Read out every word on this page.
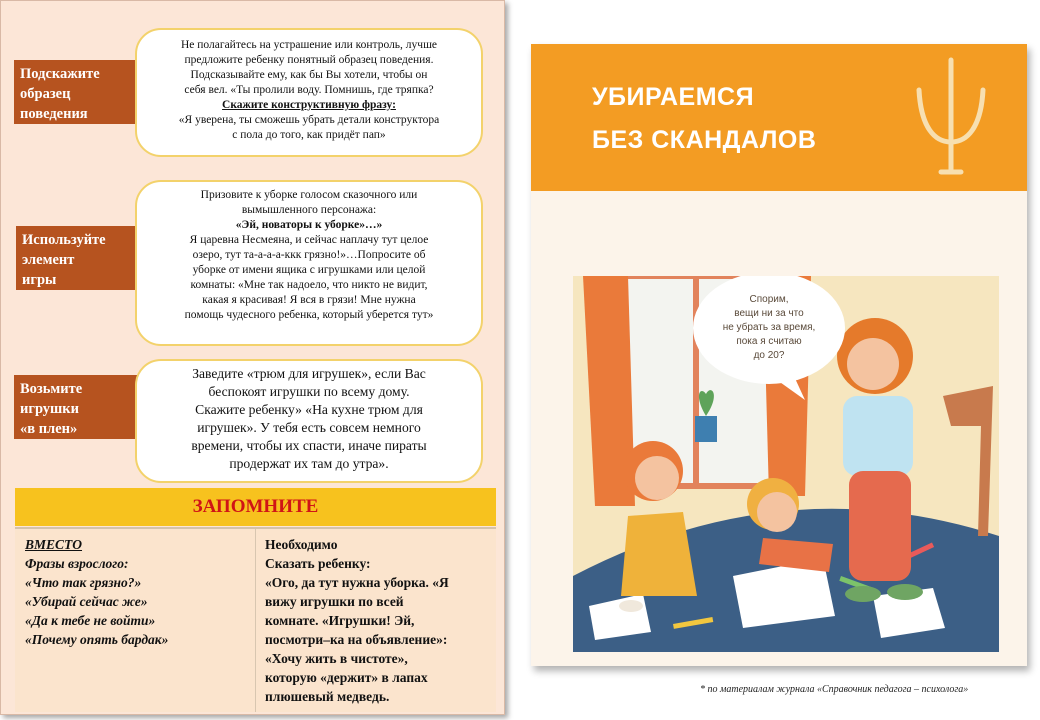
Подскажите
образец
поведения

Не полагайтесь на устрашение или контроль, лучше

предложите ребенку понятный образец поведения.

Подсказывайте ему, как бы Вы хотели, чтобы он

себя вел. «Ты пролили воду. Помнишь, где тряпка?

Скажите конструктивную фразу:

«Я уверена, ты сможешь убрать детали конструктора

с пола до того, как придёт пап»

Используйте
элемент
игры

Призовите к уборке голосом сказочного или

вымышленного персонажа:

«Эй, новаторы к уборке»…»

Я царевна Несмеяна, и сейчас наплачу тут целое

озеро, тут та-а-а-а-ккк грязно!»…Попросите об

уборке от имени ящика с игрушками или целой

комнаты: «Мне так надоело, что никто не видит,

какая я красивая! Я вся в грязи! Мне нужна

помощь чудесного ребенка, который уберется тут»

Возьмите
игрушки
«в плен»

Заведите «трюм для игрушек», если Вас

беспокоят игрушки по всему дому.

Скажите ребенку» «На кухне трюм для

игрушек». У тебя есть совсем немного

времени, чтобы их спасти, иначе пираты

продержат их там до утра».

ЗАПОМНИТЕ
ВМЕСТО
Фразы взрослого:
«Что так грязно?»
«Убирай сейчас же»
«Да к тебе не войти»
«Почему опять бардак»
Необходимо
Сказать ребенку:
«Ого, да тут нужна уборка. «Я
вижу игрушки по всей
комнате. «Игрушки! Эй,
посмотри–ка на объявление»:
«Хочу жить в чистоте»,
которую «держит» в лапах
плюшевый медведь.
УБИРАЕМСЯ
БЕЗ СКАНДАЛОВ
Спорим,
вещи ни за что
не убрать за время,
пока я считаю
до 20?
* по материалам журнала «Справочник педагога – психолога»
